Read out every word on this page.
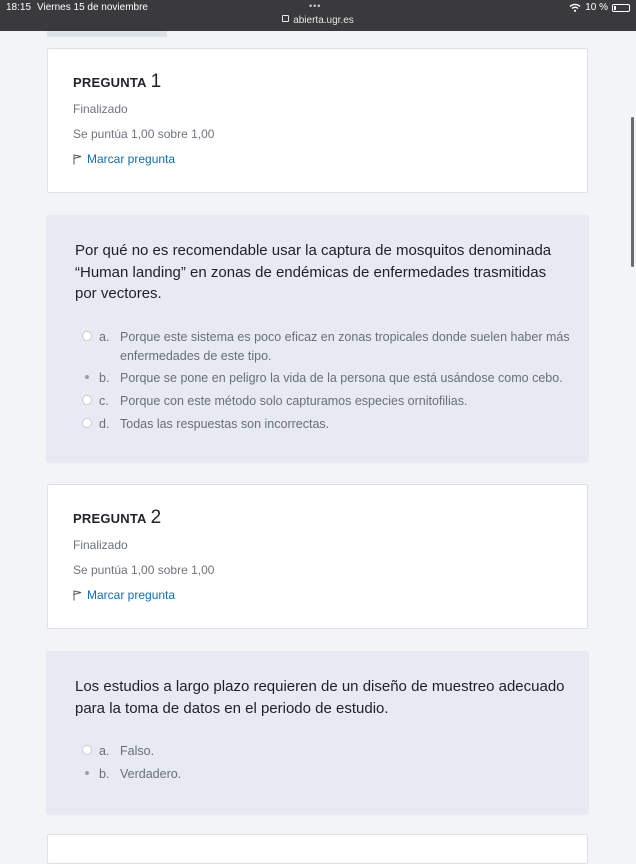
18:15 Viernes 15 de noviembre	•••
abierta.ugr.es
10 %
PREGUNTA 1
Finalizado
Se puntúa 1,00 sobre 1,00
Marcar pregunta
Por qué no es recomendable usar la captura de mosquitos denominada “Human landing” en zonas de endémicas de enfermedades trasmitidas por vectores.
a. Porque este sistema es poco eficaz en zonas tropicales donde suelen haber más enfermedades de este tipo.
b. Porque se pone en peligro la vida de la persona que está usándose como cebo.
c. Porque con este método solo capturamos especies ornitofilias.
d. Todas las respuestas son incorrectas.
PREGUNTA 2
Finalizado
Se puntúa 1,00 sobre 1,00
Marcar pregunta
Los estudios a largo plazo requieren de un diseño de muestreo adecuado para la toma de datos en el periodo de estudio.
a. Falso.
b. Verdadero.
